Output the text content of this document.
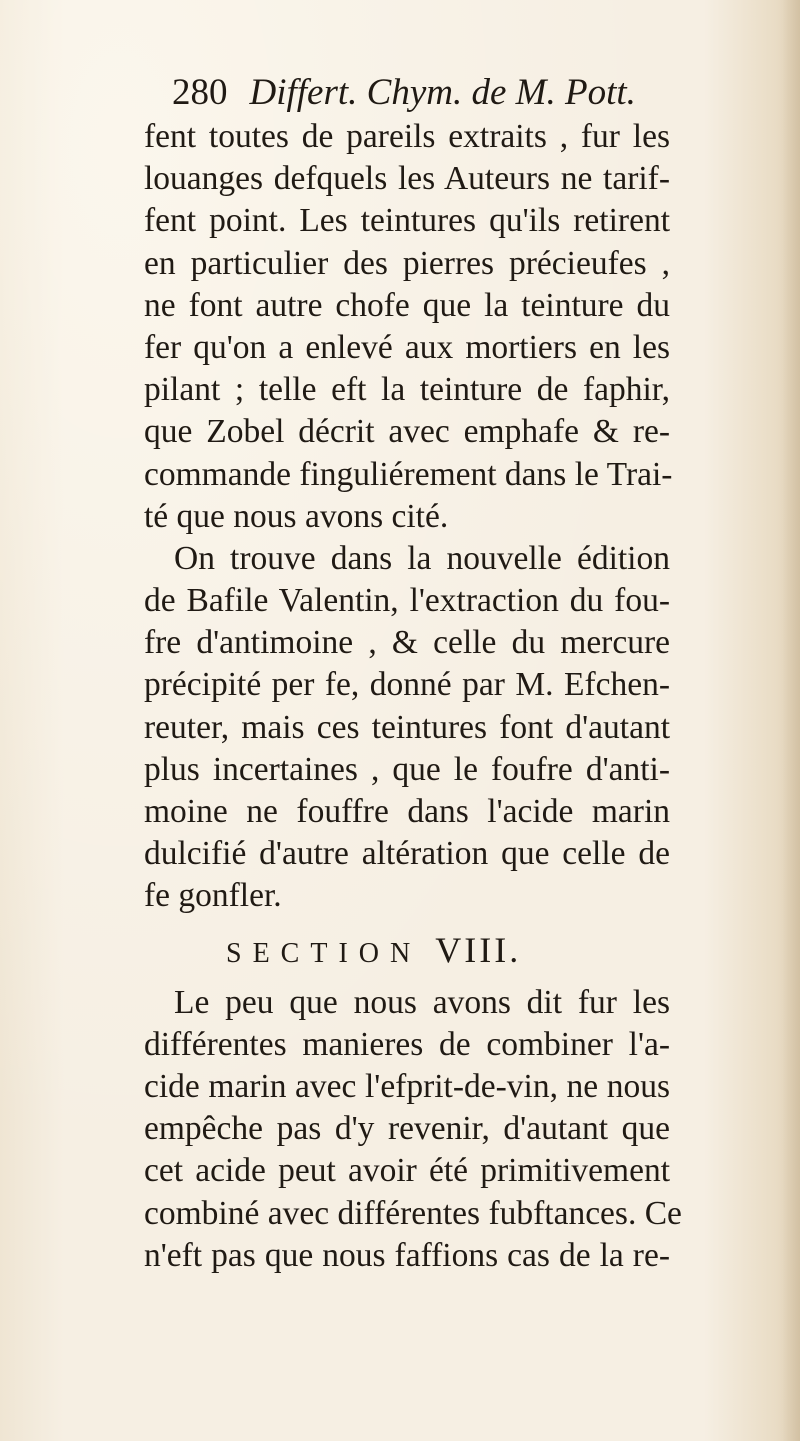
280 Differt. Chym. de M. Pott.
fent toutes de pareils extraits , fur les
louanges defquels les Auteurs ne tarif-
fent point. Les teintures qu'ils retirent
en particulier des pierres précieufes ,
ne font autre chofe que la teinture du
fer qu'on a enlevé aux mortiers en les
pilant ; telle eft la teinture de faphir,
que Zobel décrit avec emphafe & re-
commande finguliérement dans le Trai-
té que nous avons cité.
On trouve dans la nouvelle édition
de Bafile Valentin, l'extraction du fou-
fre d'antimoine , & celle du mercure
précipité per fe, donné par M. Efchen-
reuter, mais ces teintures font d'autant
plus incertaines , que le foufre d'anti-
moine ne fouffre dans l'acide marin
dulcifié d'autre altération que celle de
fe gonfler.
SECTION VIII.
Le peu que nous avons dit fur les
différentes manieres de combiner l'a-
cide marin avec l'efprit-de-vin, ne nous
empêche pas d'y revenir, d'autant que
cet acide peut avoir été primitivement
combiné avec différentes fubftances. Ce
n'eft pas que nous faffions cas de la re-
